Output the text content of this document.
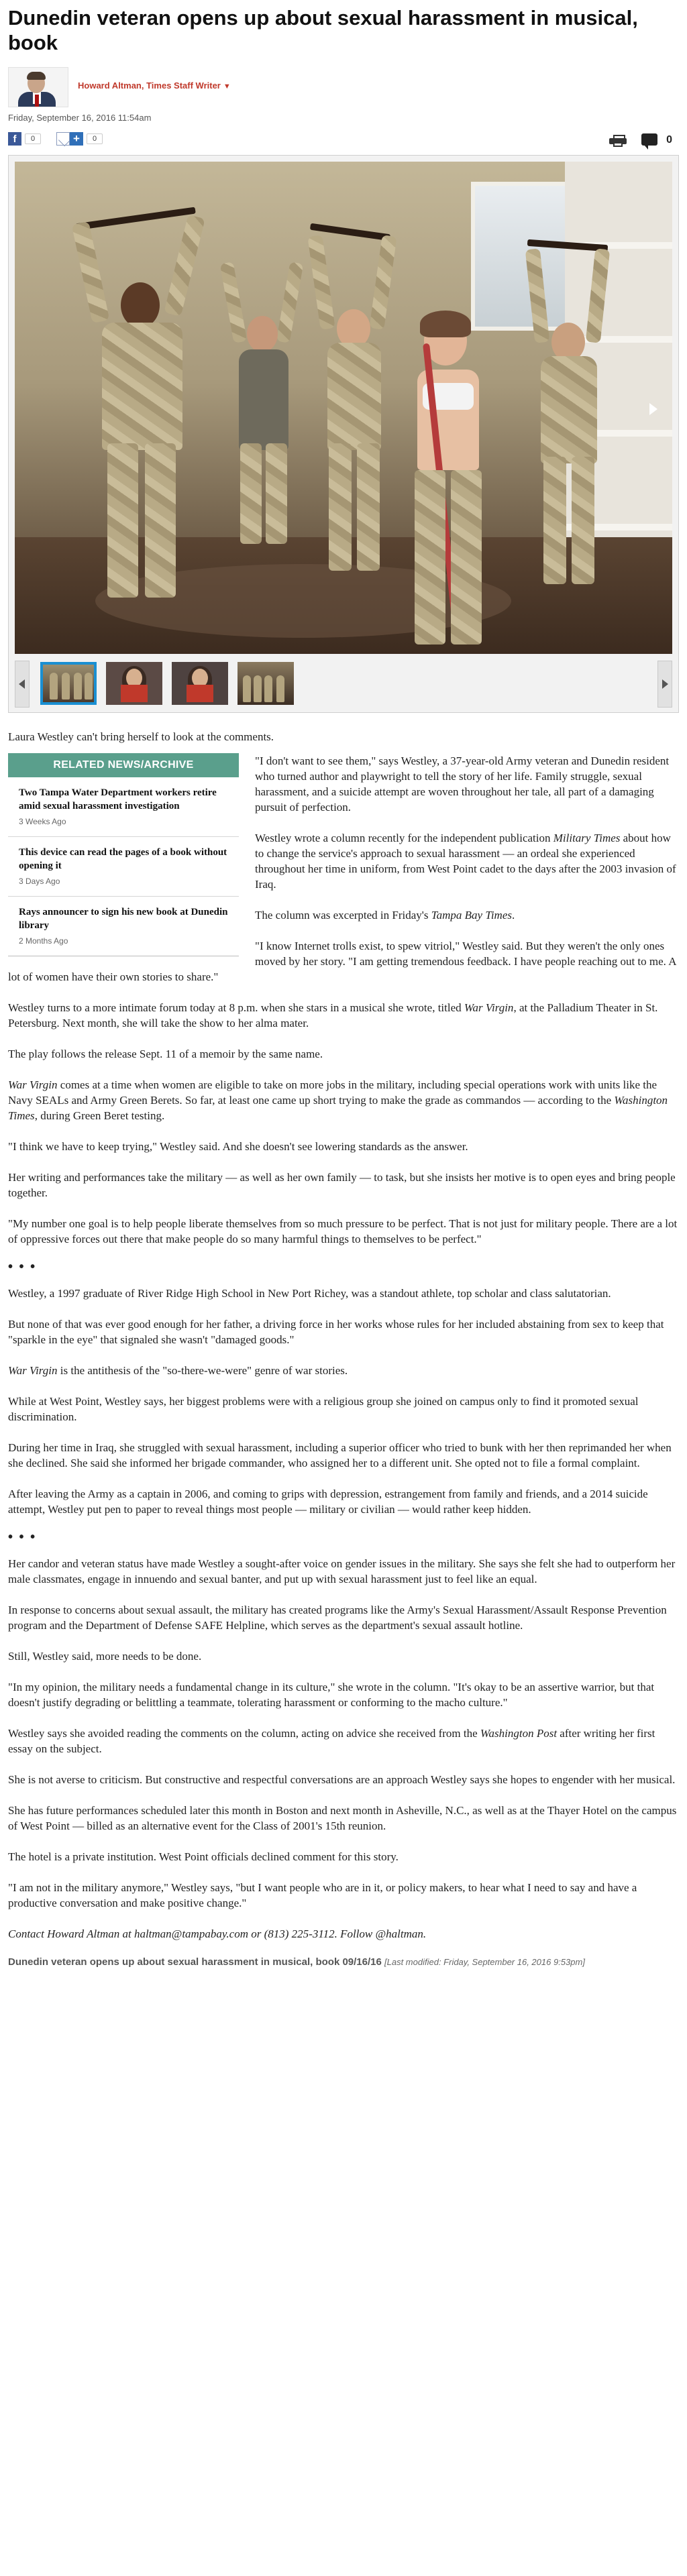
Dunedin veteran opens up about sexual harassment in musical, book
Howard Altman, Times Staff Writer ▼
Friday, September 16, 2016 11:54am
f	0	+	0	0

Laura Westley can't bring herself to look at the comments.

RELATED NEWS/ARCHIVE
Two Tampa Water Department workers retire amid sexual harassment investigation
3 Weeks Ago
This device can read the pages of a book without opening it
3 Days Ago
Rays announcer to sign his new book at Dunedin library
2 Months Ago

"I don't want to see them," says Westley, a 37-year-old Army veteran and Dunedin resident who turned author and playwright to tell the story of her life. Family struggle, sexual harassment, and a suicide attempt are woven throughout her tale, all part of a damaging pursuit of perfection.

Westley wrote a column recently for the independent publication Military Times about how to change the service's approach to sexual harassment — an ordeal she experienced throughout her time in uniform, from West Point cadet to the days after the 2003 invasion of Iraq.

The column was excerpted in Friday's Tampa Bay Times.

"I know Internet trolls exist, to spew vitriol," Westley said. But they weren't the only ones moved by her story. "I am getting tremendous feedback. I have people reaching out to me. A lot of women have their own stories to share."

Westley turns to a more intimate forum today at 8 p.m. when she stars in a musical she wrote, titled War Virgin, at the Palladium Theater in St. Petersburg. Next month, she will take the show to her alma mater.

The play follows the release Sept. 11 of a memoir by the same name.

War Virgin comes at a time when women are eligible to take on more jobs in the military, including special operations work with units like the Navy SEALs and Army Green Berets. So far, at least one came up short trying to make the grade as commandos — according to the Washington Times, during Green Beret testing.

"I think we have to keep trying," Westley said. And she doesn't see lowering standards as the answer.

Her writing and performances take the military — as well as her own family — to task, but she insists her motive is to open eyes and bring people together.

"My number one goal is to help people liberate themselves from so much pressure to be perfect. That is not just for military people. There are a lot of oppressive forces out there that make people do so many harmful things to themselves to be perfect."

• • •

Westley, a 1997 graduate of River Ridge High School in New Port Richey, was a standout athlete, top scholar and class salutatorian.

But none of that was ever good enough for her father, a driving force in her works whose rules for her included abstaining from sex to keep that "sparkle in the eye" that signaled she wasn't "damaged goods."

War Virgin is the antithesis of the "so-there-we-were" genre of war stories.

While at West Point, Westley says, her biggest problems were with a religious group she joined on campus only to find it promoted sexual discrimination.

During her time in Iraq, she struggled with sexual harassment, including a superior officer who tried to bunk with her then reprimanded her when she declined. She said she informed her brigade commander, who assigned her to a different unit. She opted not to file a formal complaint.

After leaving the Army as a captain in 2006, and coming to grips with depression, estrangement from family and friends, and a 2014 suicide attempt, Westley put pen to paper to reveal things most people — military or civilian — would rather keep hidden.

• • •

Her candor and veteran status have made Westley a sought-after voice on gender issues in the military. She says she felt she had to outperform her male classmates, engage in innuendo and sexual banter, and put up with sexual harassment just to feel like an equal.

In response to concerns about sexual assault, the military has created programs like the Army's Sexual Harassment/Assault Response Prevention program and the Department of Defense SAFE Helpline, which serves as the department's sexual assault hotline.

Still, Westley said, more needs to be done.

"In my opinion, the military needs a fundamental change in its culture," she wrote in the column. "It's okay to be an assertive warrior, but that doesn't justify degrading or belittling a teammate, tolerating harassment or conforming to the macho culture."

Westley says she avoided reading the comments on the column, acting on advice she received from the Washington Post after writing her first essay on the subject.

She is not averse to criticism. But constructive and respectful conversations are an approach Westley says she hopes to engender with her musical.

She has future performances scheduled later this month in Boston and next month in Asheville, N.C., as well as at the Thayer Hotel on the campus of West Point — billed as an alternative event for the Class of 2001's 15th reunion.

The hotel is a private institution. West Point officials declined comment for this story.

"I am not in the military anymore," Westley says, "but I want people who are in it, or policy makers, to hear what I need to say and have a productive conversation and make positive change."

Contact Howard Altman at haltman@tampabay.com or (813) 225-3112. Follow @haltman.

Dunedin veteran opens up about sexual harassment in musical, book 09/16/16 [Last modified: Friday, September 16, 2016 9:53pm]
